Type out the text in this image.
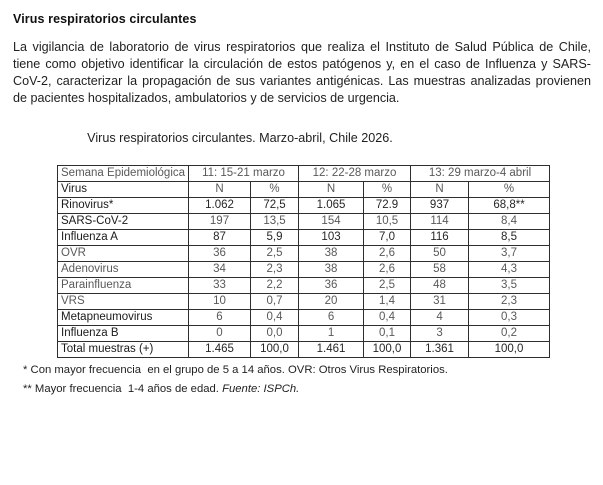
Virus respiratorios circulantes

La vigilancia de laboratorio de virus respiratorios que realiza el Instituto de Salud Pública de Chile, tiene como objetivo identificar la circulación de estos patógenos y, en el caso de Influenza y SARS-CoV-2, caracterizar la propagación de sus variantes antigénicas. Las muestras analizadas provienen de pacientes hospitalizados, ambulatorios y de servicios de urgencia.

Virus respiratorios circulantes. Marzo-abril, Chile 2026.
Semana Epidemiológica	11: 15-21 marzo		12: 22-28 marzo		13: 29 marzo-4 abril	
Virus	N	%	N	%	N	%
Rinovirus*	1.062	72,5	1.065	72.9	937	68,8**
SARS-CoV-2	197	13,5	154	10,5	114	8,4
Influenza A	87	5,9	103	7,0	116	8,5
OVR	36	2,5	38	2,6	50	3,7
Adenovirus	34	2,3	38	2,6	58	4,3
Parainfluenza	33	2,2	36	2,5	48	3,5
VRS	10	0,7	20	1,4	31	2,3
Metapneumovirus	6	0,4	6	0,4	4	0,3
Influenza B	0	0,0	1	0,1	3	0,2
Total muestras (+)	1.465	100,0	1.461	100,0	1.361	100,0
* Con mayor frecuencia  en el grupo de 5 a 14 años. OVR: Otros Virus Respiratorios.
** Mayor frecuencia  1-4 años de edad. Fuente: ISPCh.
